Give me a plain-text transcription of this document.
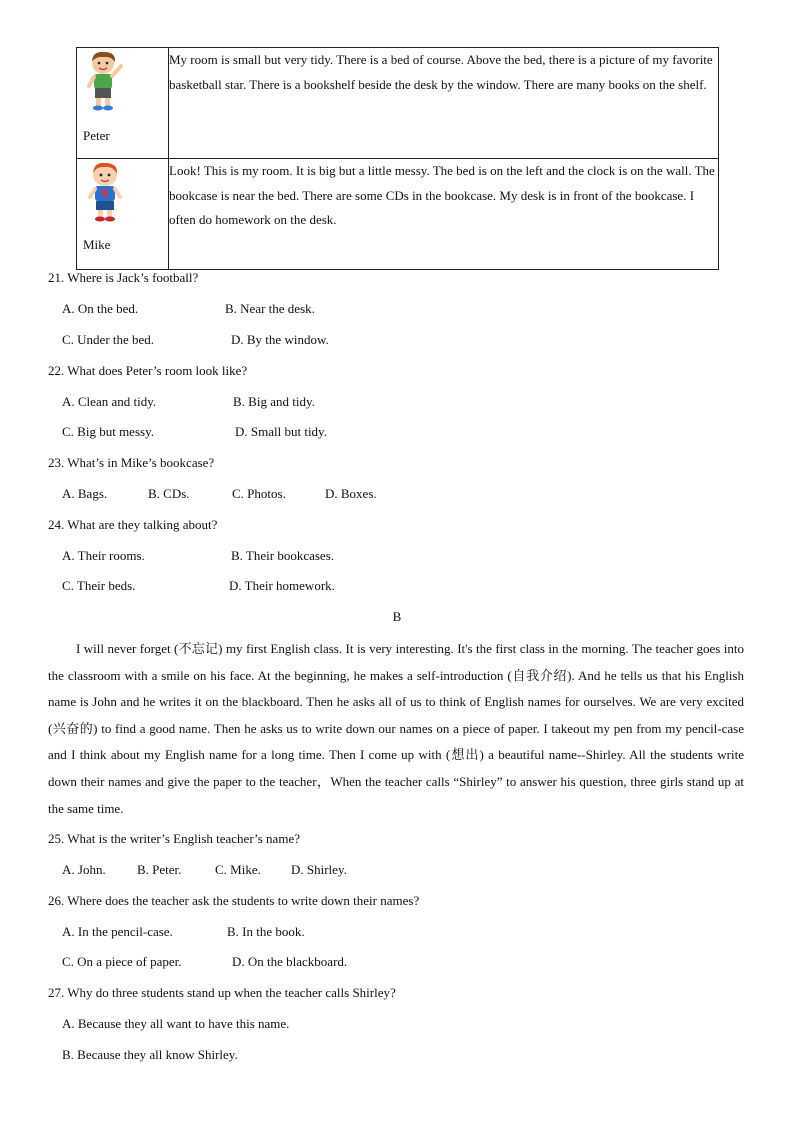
Peter	My room is small but very tidy. There is a bed of course. Above the bed, there is a picture of my favorite basketball star. There is a bookshelf beside the desk by the window. There are many books on the shelf.

Mike	Look! This is my room. It is big but a little messy. The bed is on the left and the clock is on the wall. The bookcase is near the bed. There are some CDs in the bookcase. My desk is in front of the bookcase. I often do homework on the desk.
21. Where is Jack’s football?
A. On the bed.	B. Near the desk.
C. Under the bed.	D. By the window.
22. What does Peter’s room look like?
A. Clean and tidy.	B. Big and tidy.
C. Big but messy.	D. Small but tidy.
23. What’s in Mike’s bookcase?
A. Bags.	B. CDs.	C. Photos.	D. Boxes.
24. What are they talking about?
A. Their rooms.	B. Their bookcases.
C. Their beds.	D. Their homework.
B
I will never forget (不忘记) my first English class. It is very interesting. It's the first class in the morning. The teacher goes into the classroom with a smile on his face. At the beginning, he makes a self-introduction (自我介绍). And he tells us that his English name is John and he writes it on the blackboard. Then he asks all of us to think of English names for ourselves. We are very excited (兴奋的) to find a good name. Then he asks us to write down our names on a piece of paper. I takeout my pen from my pencil-case and I think about my English name for a long time. Then I come up with (想出) a beautiful name--Shirley. All the students write down their names and give the paper to the teacher，When the teacher calls “Shirley” to answer his question, three girls stand up at the same time.
25. What is the writer’s English teacher’s name?
A. John. B. Peter.	C. Mike. D. Shirley.
26. Where does the teacher ask the students to write down their names?
A. In the pencil-case.	B. In the book.
C. On a piece of paper.	D. On the blackboard.
27. Why do three students stand up when the teacher calls Shirley?
A. Because they all want to have this name.
B. Because they all know Shirley.
